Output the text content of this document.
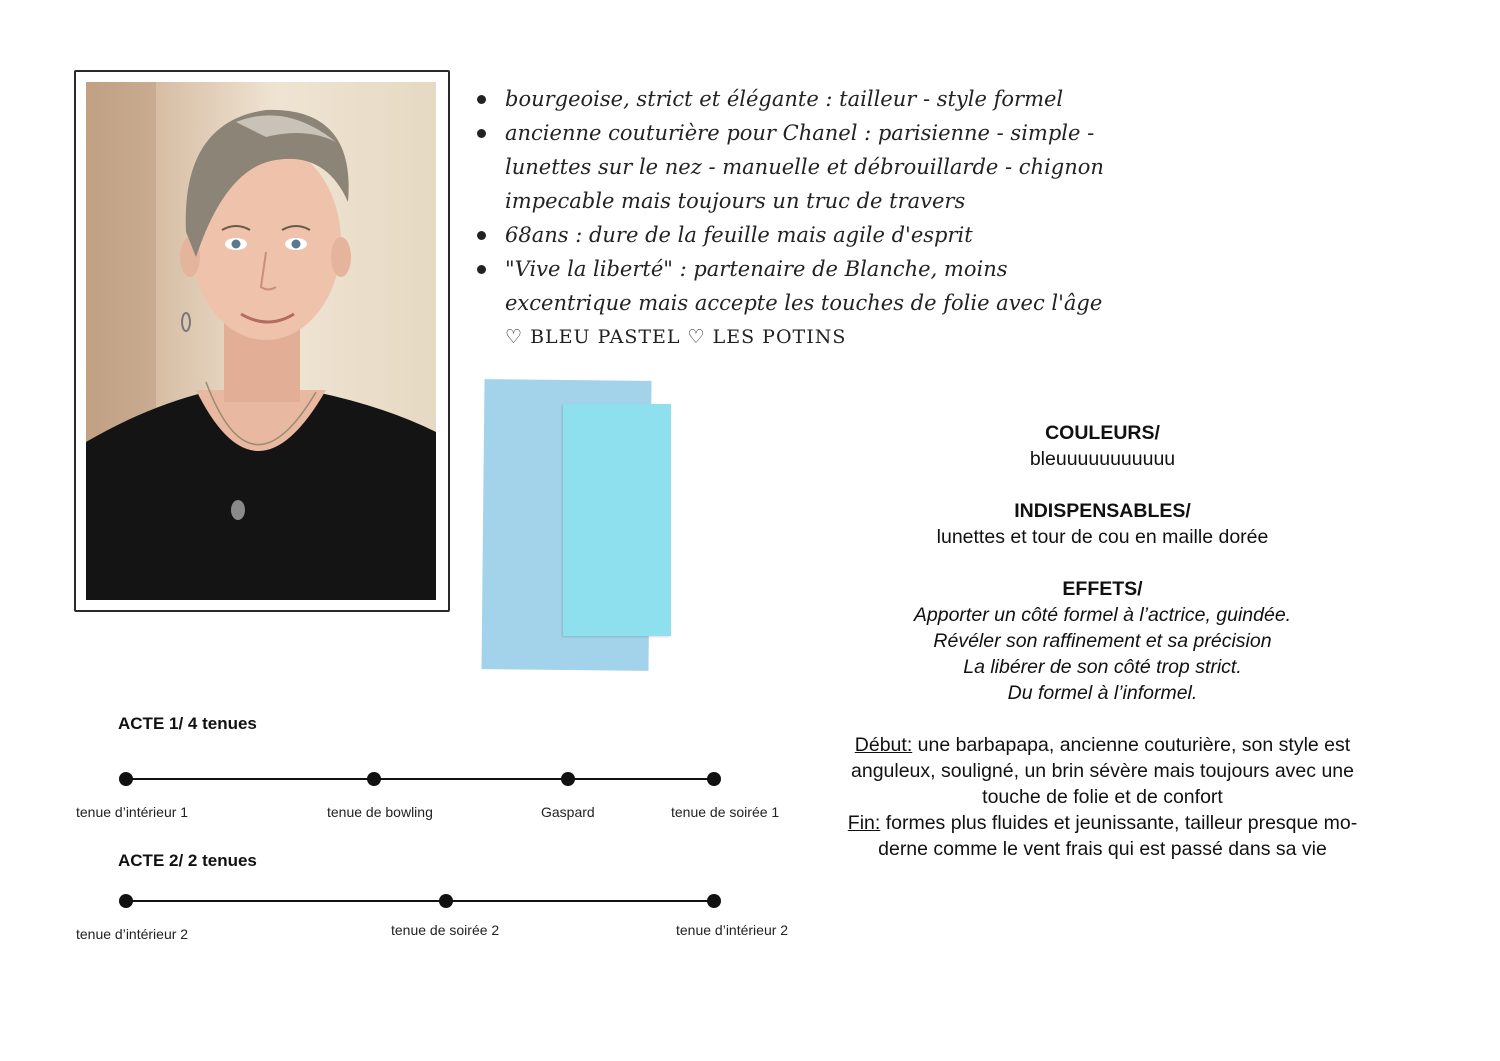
bourgeoise, strict et élégante : tailleur - style formel
ancienne couturière pour Chanel : parisienne - simple - lunettes sur le nez - manuelle et débrouillarde - chignon impecable mais toujours un truc de travers
68ans : dure de la feuille mais agile d'esprit
"Vive la liberté" : partenaire de Blanche, moins excentrique mais accepte les touches de folie avec l'âge
♡ BLEU PASTEL ♡ LES POTINS
COULEURS/
bleuuuuuuuuuuu
INDISPENSABLES/
lunettes et tour de cou en maille dorée
EFFETS/
Apporter un côté formel à l’actrice, guindée.
Révéler son raffinement et sa précision
La libérer de son côté trop strict.
Du formel à l’informel.
Début: une barbapapa, ancienne couturière, son style est
anguleux, souligné, un brin sévère mais toujours avec une
touche de folie et de confort
Fin: formes plus fluides et jeunissante, tailleur presque mo-
derne comme le vent frais qui est passé dans sa vie
ACTE 1/ 4 tenues
tenue d’intérieur 1	tenue de bowling	Gaspard	tenue de soirée 1
ACTE 2/ 2 tenues
tenue d’intérieur 2	tenue de soirée 2	tenue d’intérieur 2
